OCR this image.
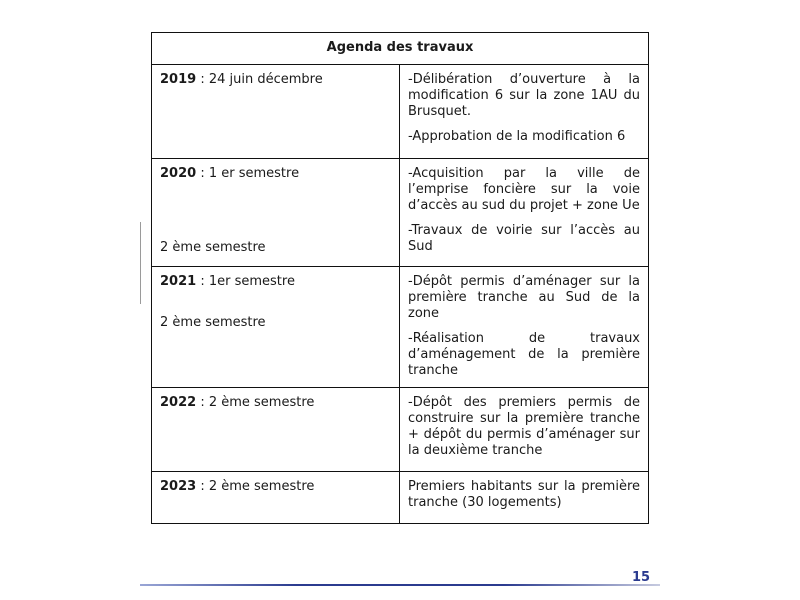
Agenda des travaux	

2019 : 24 juin décembre	-Délibération d’ouverture à la modification 6 sur la zone 1AU du Brusquet.
-Approbation de la modification 6

2020 : 1 er semestre
2 ème semestre	-Acquisition par la ville de l’emprise foncière sur la voie d’accès au sud du projet + zone Ue
-Travaux de voirie sur l’accès au Sud

2021 : 1er semestre
2 ème semestre	-Dépôt permis d’aménager sur la première tranche au Sud de la zone
-Réalisation de travaux d’aménagement de la première tranche

2022 : 2 ème semestre	-Dépôt des premiers permis de construire sur la première tranche + dépôt du permis d’aménager sur la deuxième tranche

2023 : 2 ème semestre	Premiers habitants sur la première tranche (30 logements)
15
